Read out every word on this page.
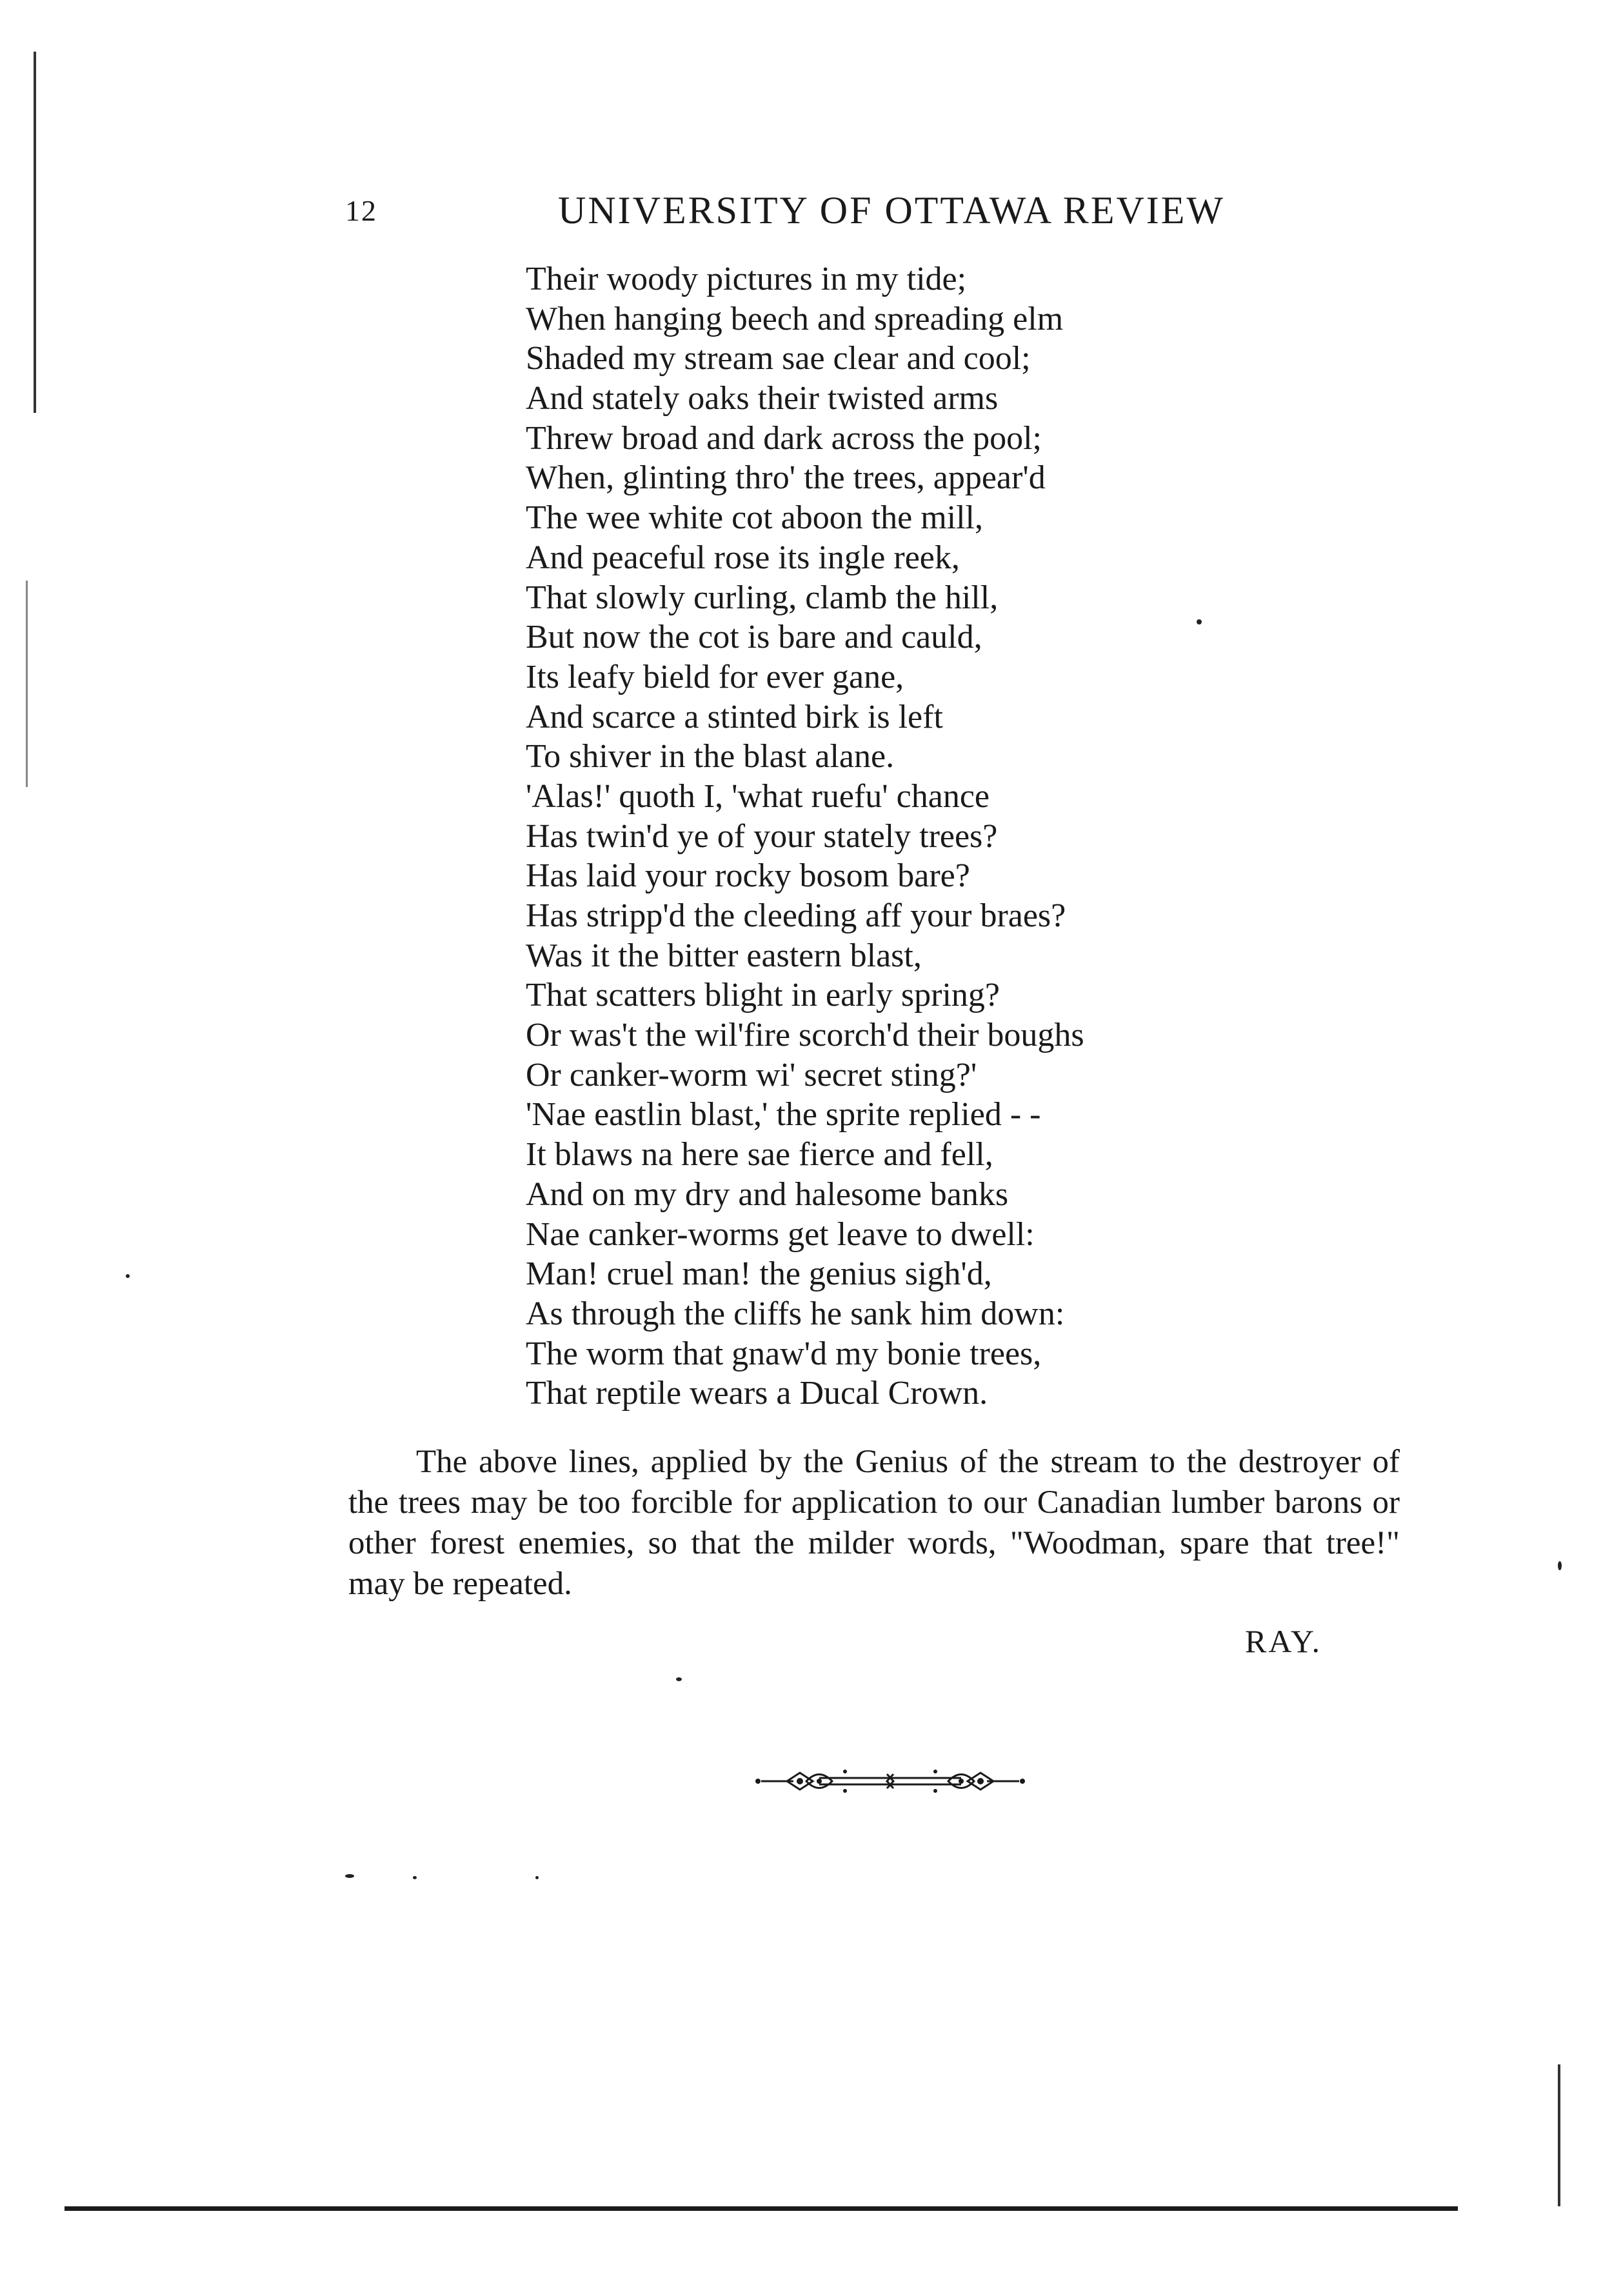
12	UNIVERSITY OF OTTAWA REVIEW
Their woody pictures in my tide;
When hanging beech and spreading elm
Shaded my stream sae clear and cool;
And stately oaks their twisted arms
Threw broad and dark across the pool;
When, glinting thro' the trees, appear'd
The wee white cot aboon the mill,
And peaceful rose its ingle reek,
That slowly curling, clamb the hill,
But now the cot is bare and cauld,
Its leafy bield for ever gane,
And scarce a stinted birk is left
To shiver in the blast alane.
'Alas!' quoth I, 'what ruefu' chance
Has twin'd ye of your stately trees?
Has laid your rocky bosom bare?
Has stripp'd the cleeding aff your braes?
Was it the bitter eastern blast,
That scatters blight in early spring?
Or was't the wil'fire scorch'd their boughs
Or canker-worm wi' secret sting?'
'Nae eastlin blast,' the sprite replied - -
It blaws na here sae fierce and fell,
And on my dry and halesome banks
Nae canker-worms get leave to dwell:
Man! cruel man! the genius sigh'd,
As through the cliffs he sank him down:
The worm that gnaw'd my bonie trees,
That reptile wears a Ducal Crown.

The above lines, applied by the Genius of the stream to the destroyer of the trees may be too forcible for application to our Canadian lumber barons or other forest enemies, so that the milder words, "Woodman, spare that tree!" may be repeated.

RAY.
